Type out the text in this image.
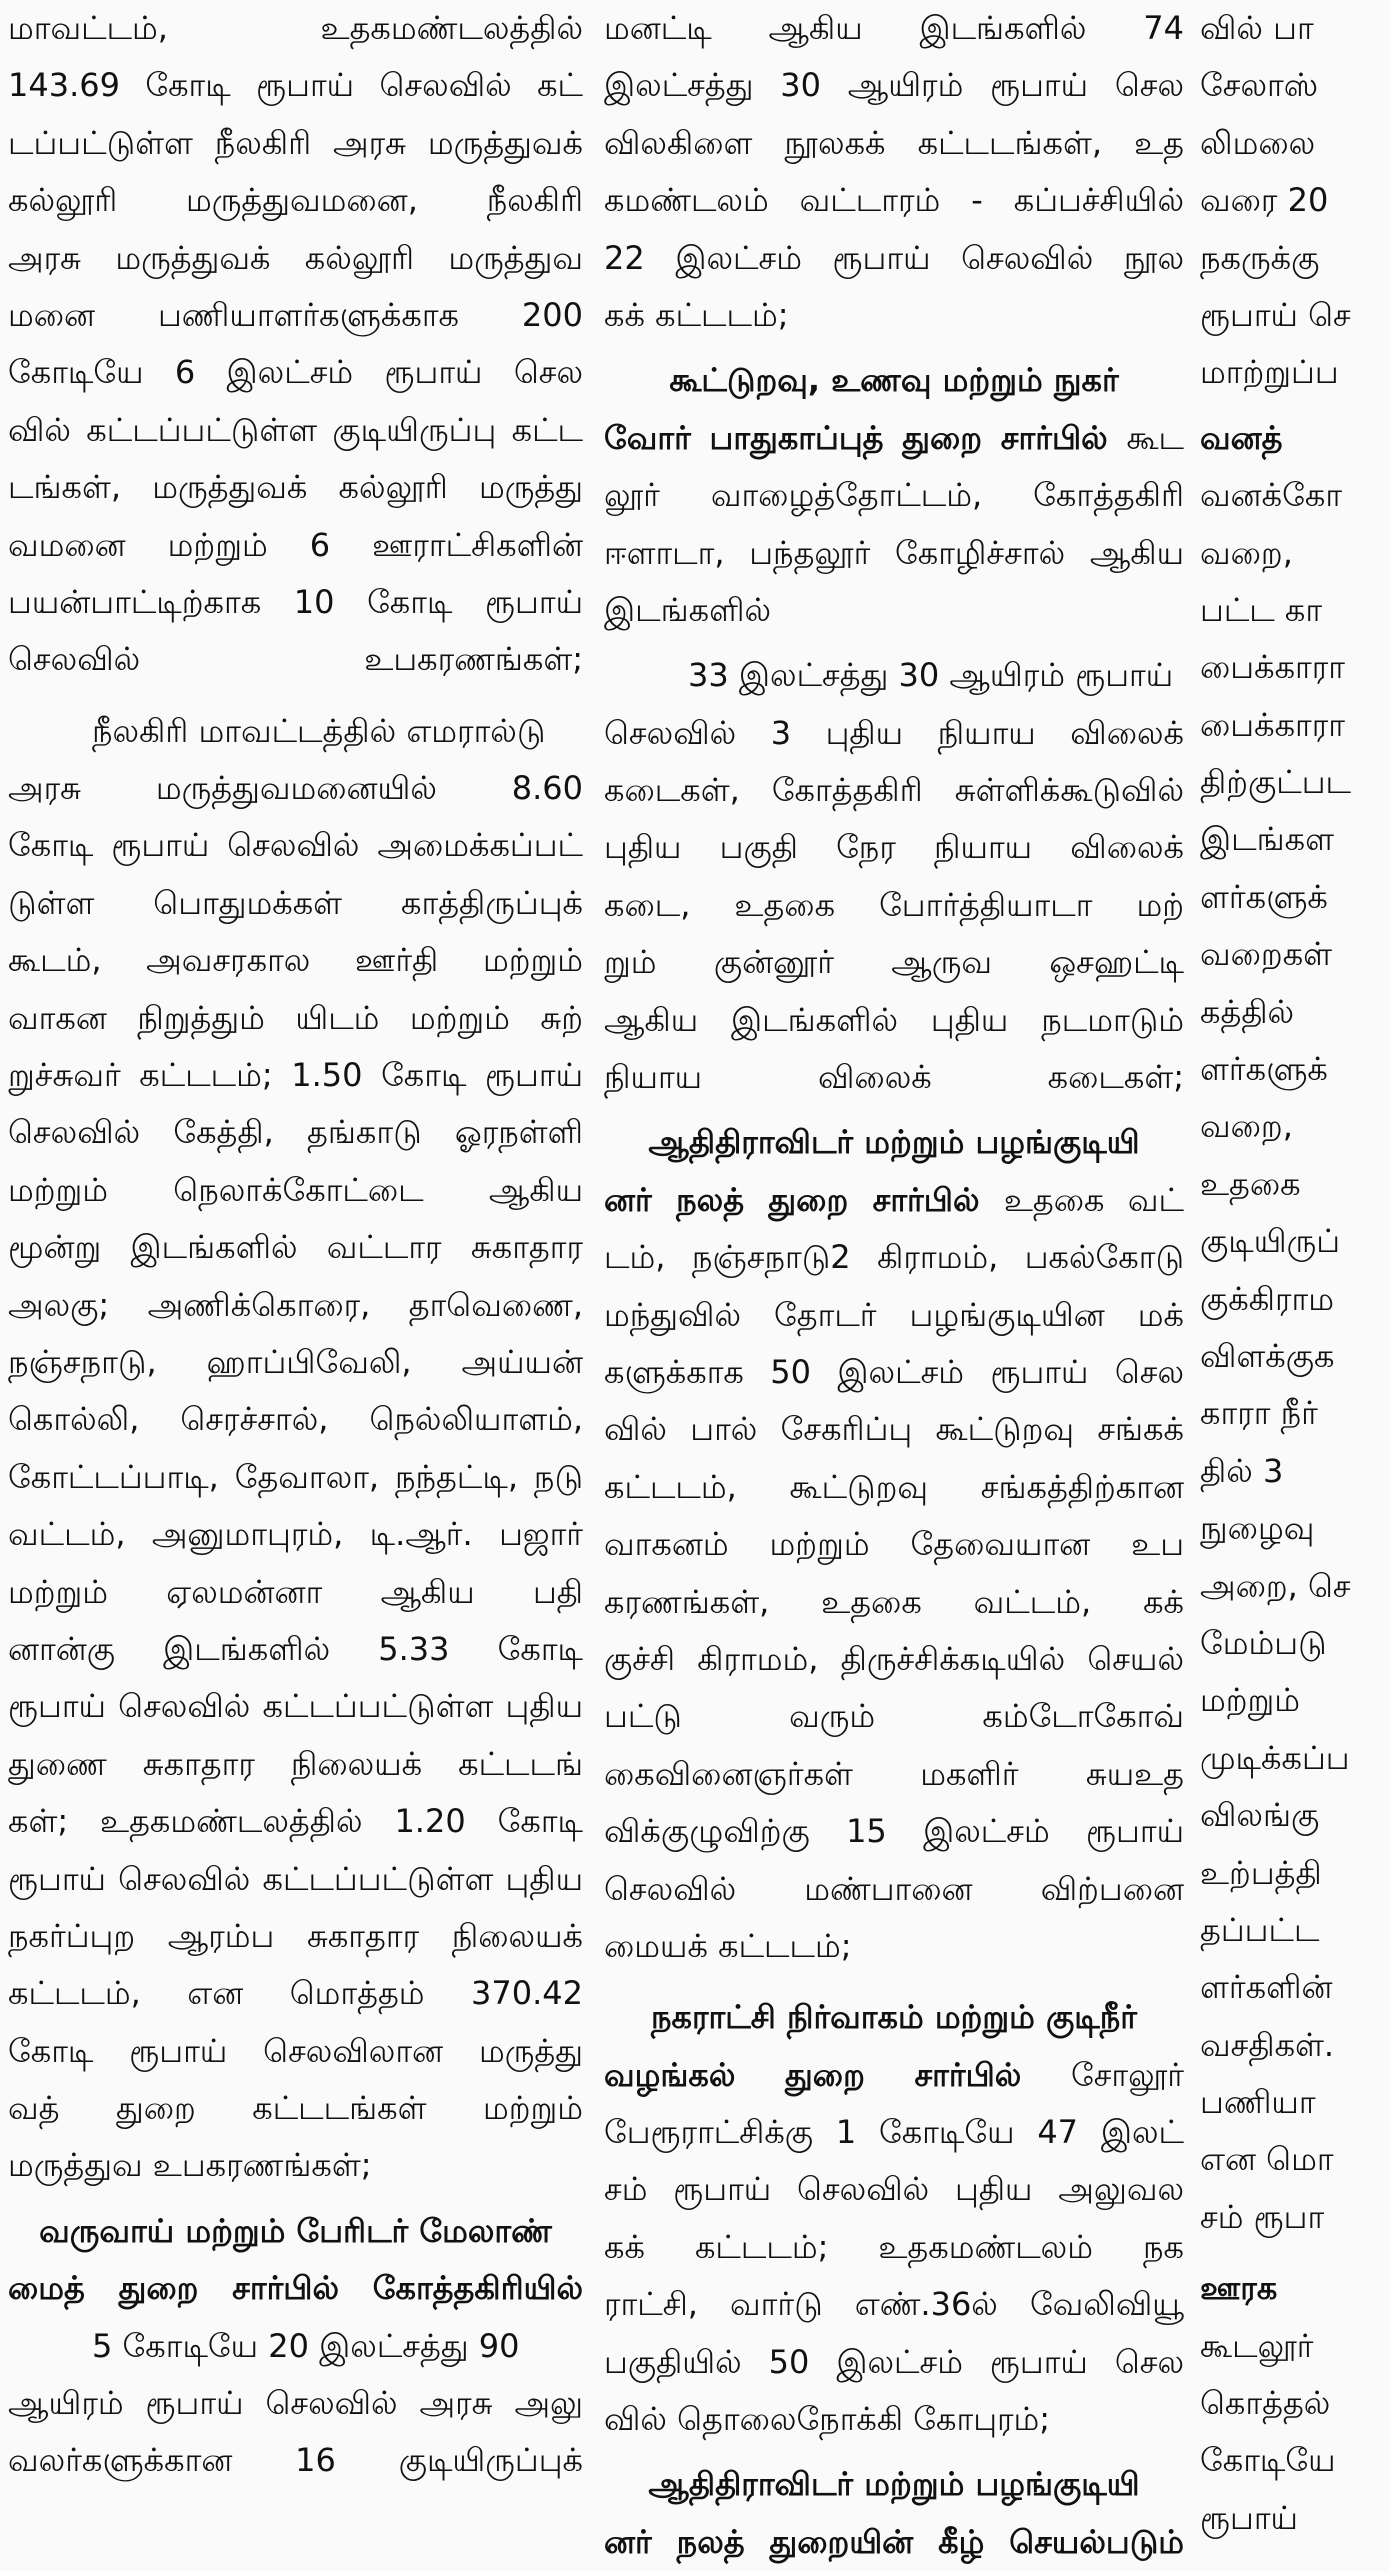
மாவட்டம், உதகமண்டலத்தில்
143.69 கோடி ரூபாய் செலவில் கட்
டப்பட்டுள்ள நீலகிரி அரசு மருத்துவக்
கல்லூரி மருத்துவமனை, நீலகிரி
அரசு மருத்துவக் கல்லூரி மருத்துவ
மனை பணியாளர்களுக்காக 200
கோடியே 6 இலட்சம் ரூபாய் செல
வில் கட்டப்பட்டுள்ள குடியிருப்பு கட்ட
டங்கள், மருத்துவக் கல்லூரி மருத்து
வமனை மற்றும் 6 ஊராட்சிகளின்
பயன்பாட்டிற்காக 10 கோடி ரூபாய்
செலவில் உபகரணங்கள்;
நீலகிரி மாவட்டத்தில் எமரால்டு
அரசு மருத்துவமனையில் 8.60
கோடி ரூபாய் செலவில் அமைக்கப்பட்
டுள்ள பொதுமக்கள் காத்திருப்புக்
கூடம், அவசரகால ஊர்தி மற்றும்
வாகன நிறுத்தும் யிடம் மற்றும் சுற்
றுச்சுவர் கட்டடம்; 1.50 கோடி ரூபாய்
செலவில் கேத்தி, தங்காடு ஓரநள்ளி
மற்றும் நெலாக்கோட்டை ஆகிய
மூன்று இடங்களில் வட்டார சுகாதார
அலகு; அணிக்கொரை, தாவெணை,
நஞ்சநாடு, ஹாப்பிவேலி, அய்யன்
கொல்லி, செரச்சால், நெல்லியாளம்,
கோட்டப்பாடி, தேவாலா, நந்தட்டி, நடு
வட்டம், அனுமாபுரம், டி.ஆர். பஜார்
மற்றும் ஏலமன்னா ஆகிய பதி
னான்கு இடங்களில் 5.33 கோடி
ரூபாய் செலவில் கட்டப்பட்டுள்ள புதிய
துணை சுகாதார நிலையக் கட்டடங்
கள்; உதகமண்டலத்தில் 1.20 கோடி
ரூபாய் செலவில் கட்டப்பட்டுள்ள புதிய
நகர்ப்புற ஆரம்ப சுகாதார நிலையக்
கட்டடம், என மொத்தம் 370.42
கோடி ரூபாய் செலவிலான மருத்து
வத் துறை கட்டடங்கள் மற்றும்
மருத்துவ உபகரணங்கள்;
வருவாய் மற்றும் பேரிடர் மேலாண்
மைத் துறை சார்பில் கோத்தகிரியில்
5 கோடியே 20 இலட்சத்து 90
ஆயிரம் ரூபாய் செலவில் அரசு அலு
வலர்களுக்கான 16 குடியிருப்புக்
மனட்டி ஆகிய இடங்களில் 74
இலட்சத்து 30 ஆயிரம் ரூபாய் செல
விலகிளை நூலகக் கட்டடங்கள், உத
கமண்டலம் வட்டாரம் - கப்பச்சியில்
22 இலட்சம் ரூபாய் செலவில் நூல
கக் கட்டடம்;
கூட்டுறவு, உணவு மற்றும் நுகர்
வோர் பாதுகாப்புத் துறை சார்பில் கூட
லூர் வாழைத்தோட்டம், கோத்தகிரி
ஈளாடா, பந்தலூர் கோழிச்சால் ஆகிய
இடங்களில்
33 இலட்சத்து 30 ஆயிரம் ரூபாய்
செலவில் 3 புதிய நியாய விலைக்
கடைகள், கோத்தகிரி சுள்ளிக்கூடுவில்
புதிய பகுதி நேர நியாய விலைக்
கடை, உதகை போர்த்தியாடா மற்
றும் குன்னூர் ஆருவ ஒசஹட்டி
ஆகிய இடங்களில் புதிய நடமாடும்
நியாய விலைக் கடைகள்;
ஆதிதிராவிடர் மற்றும் பழங்குடியி
னர் நலத் துறை சார்பில் உதகை வட்
டம், நஞ்சநாடு2 கிராமம், பகல்கோடு
மந்துவில் தோடர் பழங்குடியின மக்
களுக்காக 50 இலட்சம் ரூபாய் செல
வில் பால் சேகரிப்பு கூட்டுறவு சங்கக்
கட்டடம், கூட்டுறவு சங்கத்திற்கான
வாகனம் மற்றும் தேவையான உப
கரணங்கள், உதகை வட்டம், கக்
குச்சி கிராமம், திருச்சிக்கடியில் செயல்
பட்டு வரும் கம்டோகோவ்
கைவினைஞர்கள் மகளிர் சுயஉத
விக்குழுவிற்கு 15 இலட்சம் ரூபாய்
செலவில் மண்பானை விற்பனை
மையக் கட்டடம்;
நகராட்சி நிர்வாகம் மற்றும் குடிநீர்
வழங்கல் துறை சார்பில் சோலூர்
பேரூராட்சிக்கு 1 கோடியே 47 இலட்
சம் ரூபாய் செலவில் புதிய அலுவல
கக் கட்டடம்; உதகமண்டலம் நக
ராட்சி, வார்டு எண்.36ல் வேலிவியூ
பகுதியில் 50 இலட்சம் ரூபாய் செல
வில் தொலைநோக்கி கோபுரம்;
ஆதிதிராவிடர் மற்றும் பழங்குடியி
னர் நலத் துறையின் கீழ் செயல்படும்
வில் பா
சேலாஸ்
லிமலை
வரை 20
நகருக்கு
ரூபாய் செ
மாற்றுப்ப
வனத்
வனக்கோ
வறை,
பட்ட கா
பைக்காரா
பைக்காரா
திற்குட்பட
இடங்கள
ளர்களுக்
வறைகள்
கத்தில்
ளர்களுக்
வறை,
உதகை
குடியிருப்
குக்கிராம
விளக்குக
காரா நீர்
தில் 3
நுழைவு
அறை, செ
மேம்படு
மற்றும்
முடிக்கப்ப
விலங்கு
உற்பத்தி
தப்பட்ட
ளர்களின்
வசதிகள்.
பணியா
என மொ
சம் ரூபா
ஊரக
கூடலூர்
கொத்தல்
கோடியே
ரூபாய்
